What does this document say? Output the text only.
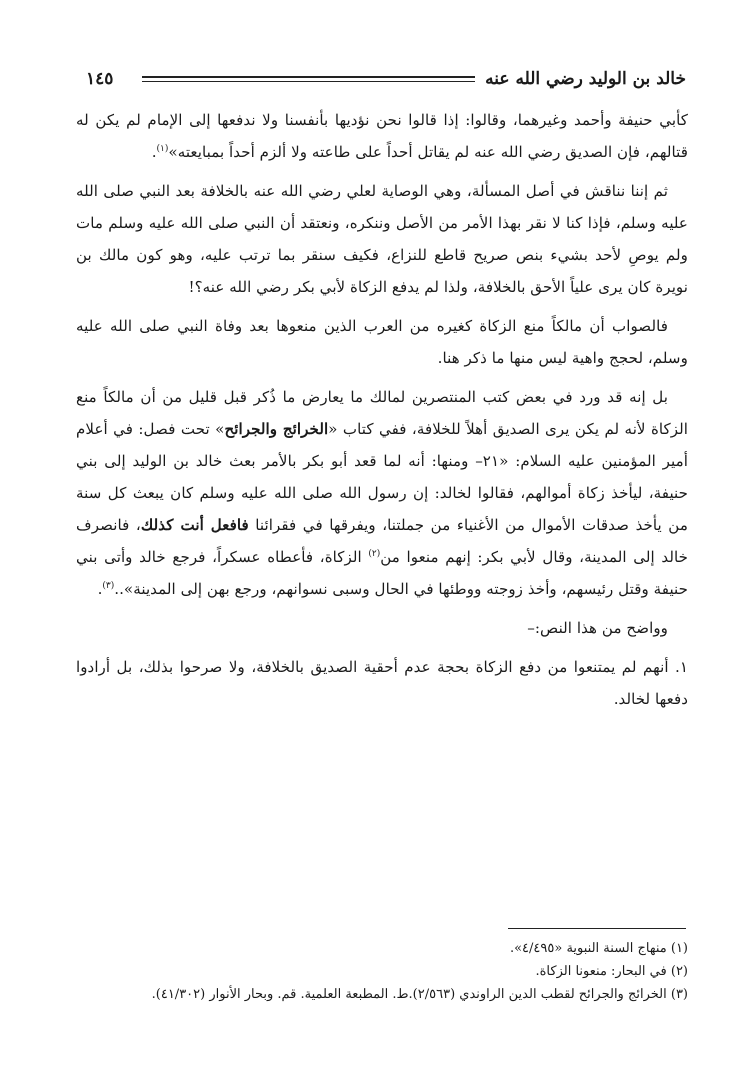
١٤٥	خالد بن الوليد رضي الله عنه

كأبي حنيفة وأحمد وغيرهما، وقالوا: إذا قالوا نحن نؤديها بأنفسنا ولا ندفعها إلى الإمام لم يكن له قتالهم، فإن الصديق رضي الله عنه لم يقاتل أحداً على طاعته ولا ألزم أحداً بمبايعته»$^{(١)}$.

ثم إننا نناقش في أصل المسألة، وهي الوصاية لعلي رضي الله عنه بالخلافة بعد النبي صلى الله عليه وسلم، فإذا كنا لا نقر بهذا الأمر من الأصل وننكره، ونعتقد أن النبي صلى الله عليه وسلم مات ولم يوصِ لأحد بشيء بنص صريح قاطع للنزاع، فكيف سنقر بما ترتب عليه، وهو كون مالك بن نويرة كان يرى علياً الأحق بالخلافة، ولذا لم يدفع الزكاة لأبي بكر رضي الله عنه؟!

فالصواب أن مالكاً منع الزكاة كغيره من العرب الذين منعوها بعد وفاة النبي صلى الله عليه وسلم، لحجج واهية ليس منها ما ذكر هنا.

بل إنه قد ورد في بعض كتب المنتصرين لمالك ما يعارض ما ذُكر قبل قليل من أن مالكاً منع الزكاة لأنه لم يكن يرى الصديق أهلاً للخلافة، ففي كتاب «الخرائج والجرائح» تحت فصل: في أعلام أمير المؤمنين عليه السلام: «٢١– ومنها: أنه لما قعد أبو بكر بالأمر بعث خالد بن الوليد إلى بني حنيفة، ليأخذ زكاة أموالهم، فقالوا لخالد: إن رسول الله صلى الله عليه وسلم كان يبعث كل سنة من يأخذ صدقات الأموال من الأغنياء من جملتنا، ويفرقها في فقرائنا فافعل أنت كذلك، فانصرف خالد إلى المدينة، وقال لأبي بكر: إنهم منعوا من$^{(٢)}$ الزكاة، فأعطاه عسكراً، فرجع خالد وأتى بني حنيفة وقتل رئيسهم، وأخذ زوجته ووطئها في الحال وسبى نسوانهم، ورجع بهن إلى المدينة»..$^{(٣)}$.

وواضح من هذا النص:–

١. أنهم لم يمتنعوا من دفع الزكاة بحجة عدم أحقية الصديق بالخلافة، ولا صرحوا بذلك، بل أرادوا دفعها لخالد.

(١) منهاج السنة النبوية «٤/٤٩٥».
(٢) في البحار: منعونا الزكاة.
(٣) الخرائج والجرائح لقطب الدين الراوندي (٢/٥٦٣).ط. المطبعة العلمية. قم. وبحار الأنوار (٤١/٣٠٢).
